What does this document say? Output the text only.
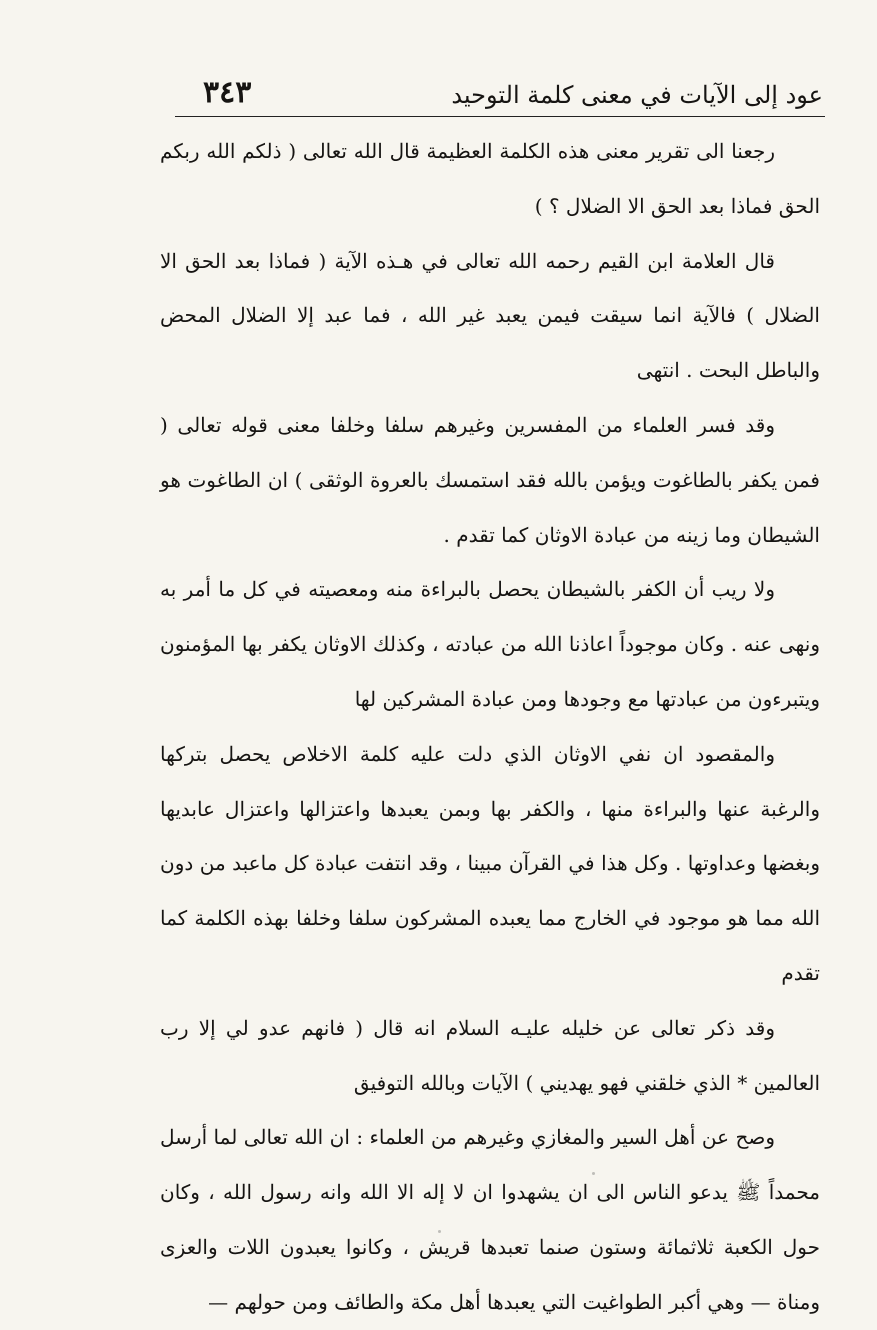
عود إلى الآيات في معنى كلمة التوحيد
٣٤٣

رجعنا الى تقرير معنى هذه الكلمة العظيمة قال الله تعالى ( ذلكم الله ربكم الحق فماذا بعد الحق الا الضلال ؟ )

قال العلامة ابن القيم رحمه الله تعالى في هـذه الآية ( فماذا بعد الحق الا الضلال ) فالآية انما سيقت فيمن يعبد غير الله ، فما عبد إلا الضلال المحض والباطل البحت . انتهى

وقد فسر العلماء من المفسرين وغيرهم سلفا وخلفا معنى قوله تعالى ( فمن يكفر بالطاغوت ويؤمن بالله فقد استمسك بالعروة الوثقى ) ان الطاغوت هو الشيطان وما زينه من عبادة الاوثان كما تقدم .

ولا ريب أن الكفر بالشيطان يحصل بالبراءة منه ومعصيته في كل ما أمر به ونهى عنه . وكان موجوداً اعاذنا الله من عبادته ، وكذلك الاوثان يكفر بها المؤمنون ويتبرءون من عبادتها مع وجودها ومن عبادة المشركين لها

والمقصود ان نفي الاوثان الذي دلت عليه كلمة الاخلاص يحصل بتركها والرغبة عنها والبراءة منها ، والكفر بها وبمن يعبدها واعتزالها واعتزال عابديها وبغضها وعداوتها . وكل هذا في القرآن مبينا ، وقد انتفت عبادة كل ماعبد من دون الله مما هو موجود في الخارج مما يعبده المشركون سلفا وخلفا بهذه الكلمة كما تقدم

وقد ذكر تعالى عن خليله عليـه السلام انه قال ( فانهم عدو لي إلا رب العالمين * الذي خلقني فهو يهديني ) الآيات وبالله التوفيق

وصح عن أهل السير والمغازي وغيرهم من العلماء : ان الله تعالى لما أرسل محمداً ﷺ يدعو الناس الى ان يشهدوا ان لا إله الا الله وانه رسول الله ، وكان حول الكعبة ثلاثمائة وستون صنما تعبدها قريش ، وكانوا يعبدون اللات والعزى ومناة — وهي أكبر الطواغيت التي يعبدها أهل مكة والطائف ومن حولهم —
